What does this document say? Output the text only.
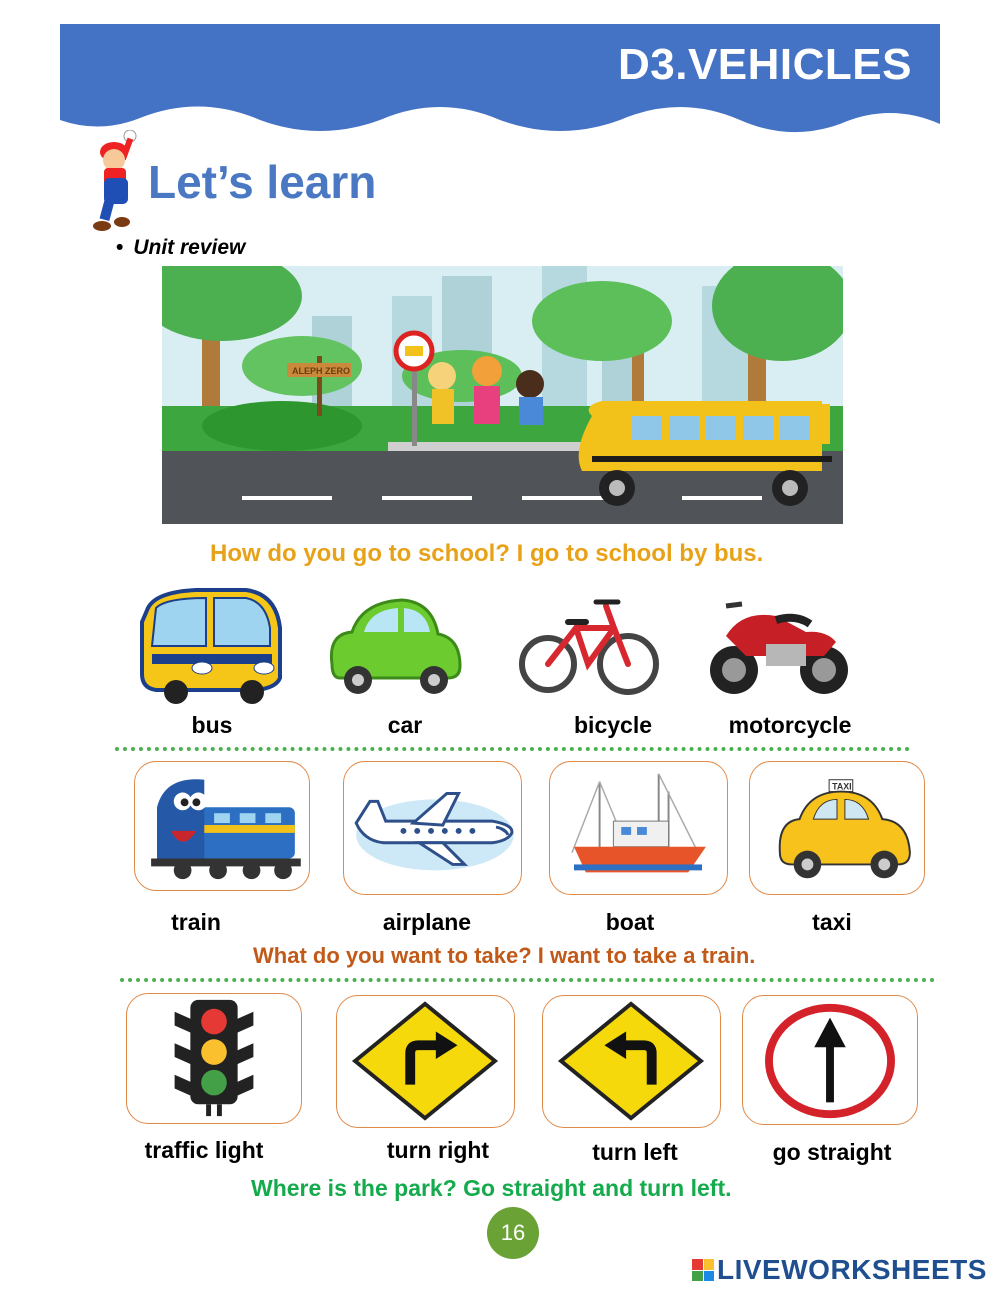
D3.VEHICLES
Let’s learn
• Unit review
ALEPH ZERO
How do you go to school? I go to school by bus.
bus	car	bicycle	motorcycle
TAXI
train	airplane	boat	taxi
What do you want to take? I want to take a train.
traffic light	turn right	turn left	go straight
Where is the park? Go straight and turn left.
16
LIVEWORKSHEETS
